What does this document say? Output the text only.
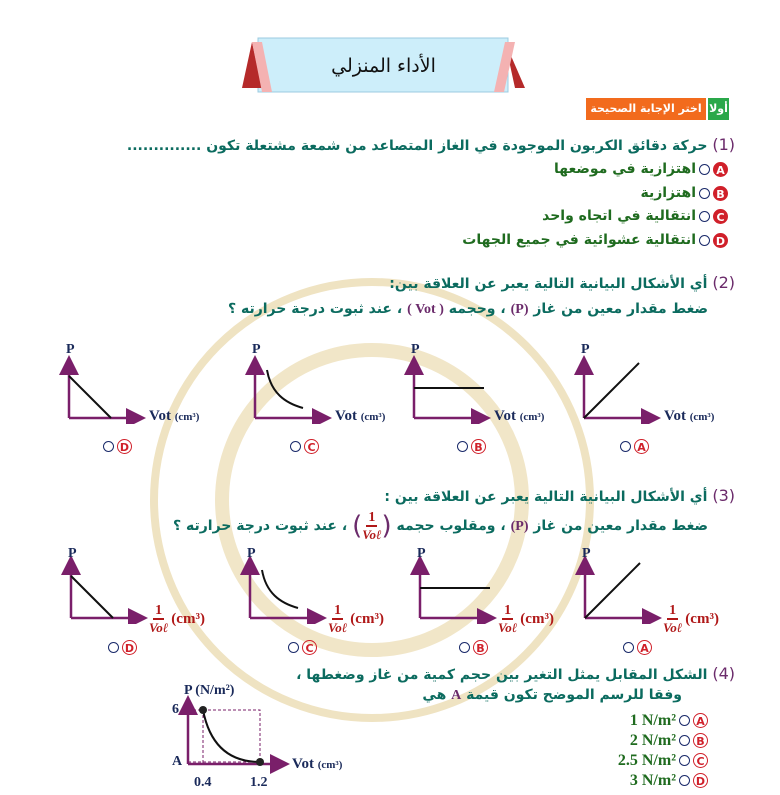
الأداء المنزلي
أولا
اختر الإجابة الصحيحة
(1) حركة دقائق الكربون الموجودة في الغاز المتصاعد من شمعة مشتعلة تكون ..............
Aاهتزازية في موضعها
Bاهتزازية
Cانتقالية في اتجاه واحد
Dانتقالية عشوائية في جميع الجهات
(2) أي الأشكال البيانية التالية يعبر عن العلاقة بين:
ضغط مقدار معين من غاز (P) ، وحجمه ( Vot ) ، عند ثبوت درجة حرارته ؟
P
Vot (cm³)
D
P
Vot (cm³)
C
P
Vot (cm³)
B
P
Vot (cm³)
A
(3) أي الأشكال البيانية التالية يعبر عن العلاقة بين :
ضغط مقدار معين من غاز (P) ، ومقلوب حجمه (
$\frac{1}{\text{Voℓ}}$
) ، عند ثبوت درجة حرارته ؟
P
$\frac{1}{\text{Voℓ}} (cm^3)$
D
P
$\frac{1}{\text{Voℓ}} (cm^3)$
C
P
$\frac{1}{\text{Voℓ}} (cm^3)$
B
P
$\frac{1}{\text{Voℓ}} (cm^3)$
A
(4) الشكل المقابل يمثل التغير بين حجم كمية من غاز وضغطها ،
وفقا للرسم الموضح تكون قيمة A هي
A1 N/m²
B2 N/m²
C2.5 N/m²
D3 N/m²
P (N/m²)
6
A	Vot (cm³)
0.4	1.2
